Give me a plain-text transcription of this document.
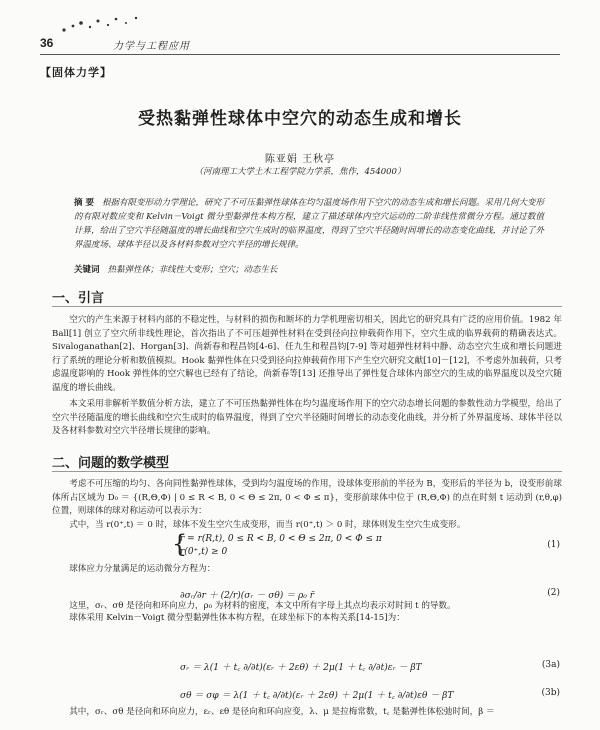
36	力学与工程应用
【固体力学】
受热黏弹性球体中空穴的动态生成和增长
陈亚娟 王秋亭
（河南理工大学土木工程学院力学系，焦作，454000）
摘 要 根据有限变形动力学理论，研究了不可压黏弹性球体在均匀温度场作用下空穴的动态生成和增长问题。采用几何大变形的有限对数应变和 Kelvin－Voigt 微分型黏弹性本构方程，建立了描述球体内空穴运动的二阶非线性常微分方程。通过数值计算，给出了空穴半径随温度的增长曲线和空穴生成时的临界温度，得到了空穴半径随时间增长的动态变化曲线，并讨论了外界温度场、球体半径以及各材料参数对空穴半径的增长规律。
关键词 热黏弹性体；非线性大变形；空穴；动态生长
一、引言
空穴的产生来源于材料内部的不稳定性，与材料的损伤和断坏的力学机理密切相关，因此它的研究具有广泛的应用价值。1982 年 Ball[1] 创立了空穴所非线性理论，首次指出了不可压超弹性材料在受到径向拉伸载荷作用下，空穴生成的临界载荷的精确表达式。Sivaloganathan[2]、Horgan[3]、尚新春和程昌钧[4-6]、任九生和程昌钧[7-9] 等对超弹性材料中静、动态空穴生成和增长问题进行了系统的理论分析和数值模拟。Hook 黏弹性体在只受到径向拉伸载荷作用下产生空穴研究文献[10]－[12]，不考虑外加载荷，只考虑温度影响的 Hook 弹性体的空穴解也已经有了结论，尚新春等[13] 还推导出了弹性复合球体内部空穴的生成的临界温度以及空穴随温度的增长曲线。
本文采用非解析半数值分析方法，建立了不可压热黏弹性体在均匀温度场作用下的空穴动态增长问题的参数性动力学模型，给出了空穴半径随温度的增长曲线和空穴生成时的临界温度，得到了空穴半径随时间增长的动态变化曲线，并分析了外界温度场、球体半径以及各材料参数对空穴半径增长规律的影响。
二、问题的数学模型
考虑不可压缩的均匀、各向同性黏弹性球体，受到均匀温度场的作用，设球体变形前的半径为 B，变形后的半径为 b，设变形前球体所占区域为 D₀ ＝ {(R,Θ,Φ) | 0 ≤ R < B, 0 < Θ ≤ 2π, 0 < Φ ≤ π}，变形前球体中位于 (R,Θ,Φ) 的点在时刻 t 运动到 (r,θ,φ) 位置，则球体的球对称运动可以表示为：
{
r = r(R,t), 0 ≤ R < B, 0 < Θ ≤ 2π, 0 < Φ ≤ π
r(0⁺,t) ≥ 0
(1)
式中，当 r(0⁺,t) ＝ 0 时，球体不发生空穴生成变形，而当 r(0⁺,t) ＞ 0 时，球体则发生空穴生成变形。
球体应力分量满足的运动微分方程为：
∂σᵣ/∂r ＋ (2/r)(σᵣ － σθ) ＝ ρ₀ r̈	(2)
这里，σᵣ、σθ 是径向和环向应力，ρ₀ 为材料的密度，本文中所有字母上其点均表示对时间 t 的导数。
球体采用 Kelvin－Voigt 微分型黏弹性体本构方程，在球坐标下的本构关系[14-15]为：
σᵣ ＝ λ(1 ＋ t꜀ ∂/∂t)(εᵣ ＋ 2εθ) ＋ 2μ(1 ＋ t꜀ ∂/∂t)εᵣ － βT	(3a)
σθ ＝ σφ ＝ λ(1 ＋ t꜀ ∂/∂t)(εᵣ ＋ 2εθ) ＋ 2μ(1 ＋ t꜀ ∂/∂t)εθ － βT	(3b)
其中，σᵣ、σθ 是径向和环向应力，εᵣ、εθ 是径向和环向应变，λ、μ 是拉梅常数，t꜀ 是黏弹性体松弛时间，β ＝
